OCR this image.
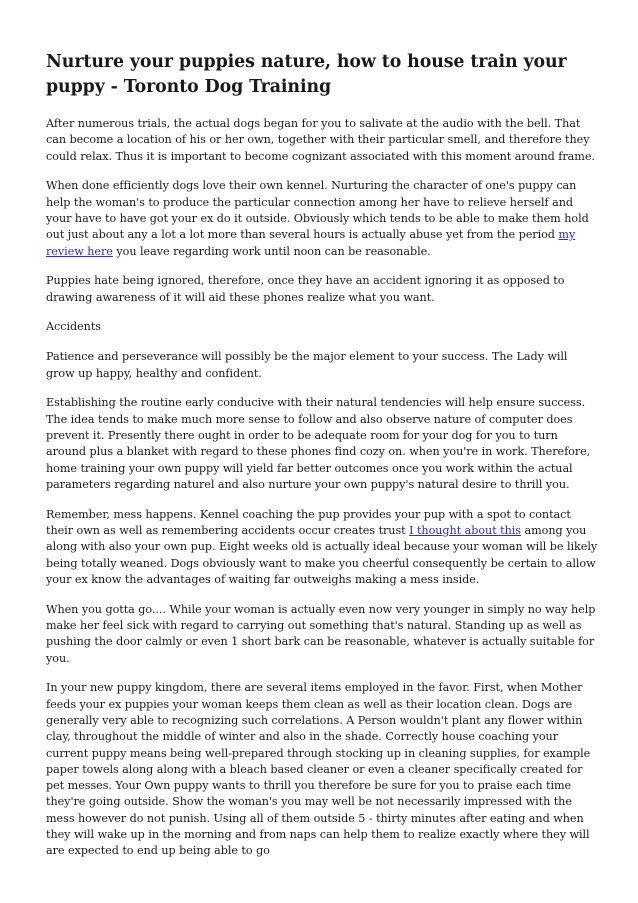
Nurture your puppies nature, how to house train your puppy - Toronto Dog Training

After numerous trials, the actual dogs began for you to salivate at the audio with the bell. That can become a location of his or her own, together with their particular smell, and therefore they could relax. Thus it is important to become cognizant associated with this moment around frame.

When done efficiently dogs love their own kennel. Nurturing the character of one's puppy can help the woman's to produce the particular connection among her have to relieve herself and your have to have got your ex do it outside. Obviously which tends to be able to make them hold out just about any a lot a lot more than several hours is actually abuse yet from the period my review here you leave regarding work until noon can be reasonable.

Puppies hate being ignored, therefore, once they have an accident ignoring it as opposed to drawing awareness of it will aid these phones realize what you want.

Accidents

Patience and perseverance will possibly be the major element to your success. The Lady will grow up happy, healthy and confident.

Establishing the routine early conducive with their natural tendencies will help ensure success. The idea tends to make much more sense to follow and also observe nature of computer does prevent it. Presently there ought in order to be adequate room for your dog for you to turn around plus a blanket with regard to these phones find cozy on. when you're in work. Therefore, home training your own puppy will yield far better outcomes once you work within the actual parameters regarding naturel and also nurture your own puppy's natural desire to thrill you.

Remember, mess happens. Kennel coaching the pup provides your pup with a spot to contact their own as well as remembering accidents occur creates trust I thought about this among you along with also your own pup. Eight weeks old is actually ideal because your woman will be likely being totally weaned. Dogs obviously want to make you cheerful consequently be certain to allow your ex know the advantages of waiting far outweighs making a mess inside.

When you gotta go.... While your woman is actually even now very younger in simply no way help make her feel sick with regard to carrying out something that's natural. Standing up as well as pushing the door calmly or even 1 short bark can be reasonable, whatever is actually suitable for you.

In your new puppy kingdom, there are several items employed in the favor. First, when Mother feeds your ex puppies your woman keeps them clean as well as their location clean. Dogs are generally very able to recognizing such correlations. A Person wouldn't plant any flower within clay, throughout the middle of winter and also in the shade. Correctly house coaching your current puppy means being well-prepared through stocking up in cleaning supplies, for example paper towels along along with a bleach based cleaner or even a cleaner specifically created for pet messes. Your Own puppy wants to thrill you therefore be sure for you to praise each time they're going outside. Show the woman's you may well be not necessarily impressed with the mess however do not punish. Using all of them outside 5 - thirty minutes after eating and when they will wake up in the morning and from naps can help them to realize exactly where they will are expected to end up being able to go
